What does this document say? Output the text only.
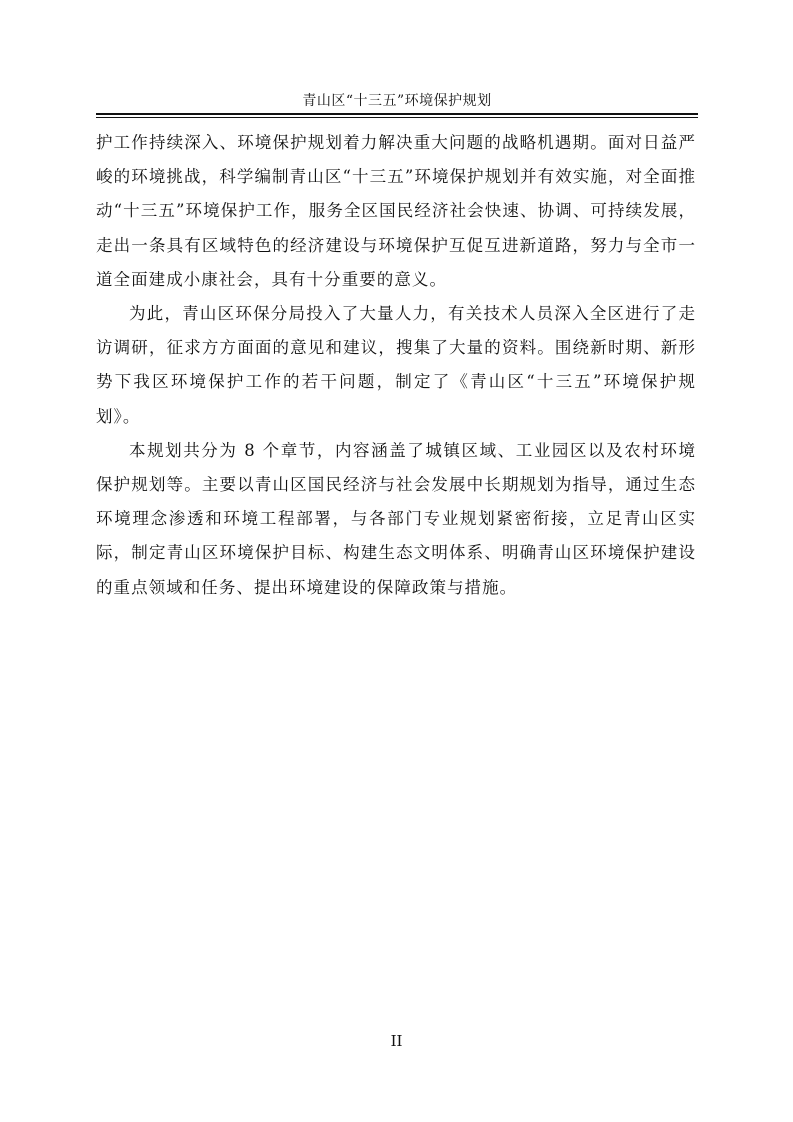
青山区“十三五”环境保护规划

护工作持续深入、环境保护规划着力解决重大问题的战略机遇期。面对日益严峻的环境挑战，科学编制青山区“十三五”环境保护规划并有效实施，对全面推动“十三五”环境保护工作，服务全区国民经济社会快速、协调、可持续发展，走出一条具有区域特色的经济建设与环境保护互促互进新道路，努力与全市一道全面建成小康社会，具有十分重要的意义。

为此，青山区环保分局投入了大量人力，有关技术人员深入全区进行了走访调研，征求方方面面的意见和建议，搜集了大量的资料。围绕新时期、新形势下我区环境保护工作的若干问题，制定了《青山区“十三五”环境保护规划》。

本规划共分为 8 个章节，内容涵盖了城镇区域、工业园区以及农村环境保护规划等。主要以青山区国民经济与社会发展中长期规划为指导，通过生态环境理念渗透和环境工程部署，与各部门专业规划紧密衔接，立足青山区实际，制定青山区环境保护目标、构建生态文明体系、明确青山区环境保护建设的重点领域和任务、提出环境建设的保障政策与措施。

II
